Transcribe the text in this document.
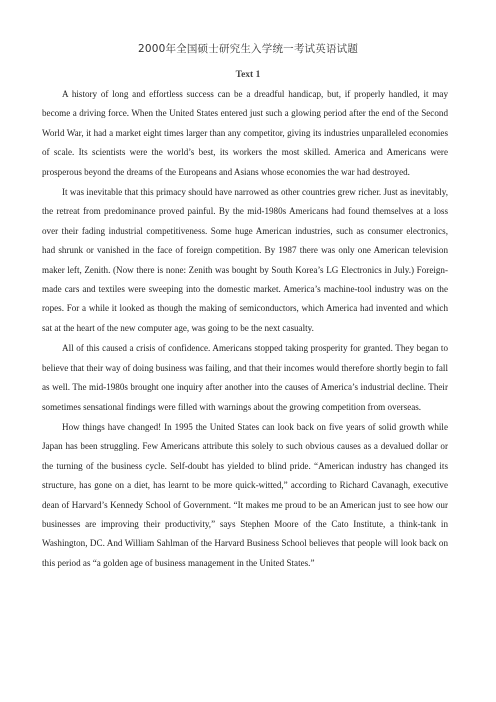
2000年全国硕士研究生入学统一考试英语试题
Text 1

A history of long and effortless success can be a dreadful handicap, but, if properly handled, it may become a driving force. When the United States entered just such a glowing period after the end of the Second World War, it had a market eight times larger than any competitor, giving its industries unparalleled economies of scale. Its scientists were the world’s best, its workers the most skilled. America and Americans were prosperous beyond the dreams of the Europeans and Asians whose economies the war had destroyed.

It was inevitable that this primacy should have narrowed as other countries grew richer. Just as inevitably, the retreat from predominance proved painful. By the mid-1980s Americans had found themselves at a loss over their fading industrial competitiveness. Some huge American industries, such as consumer electronics, had shrunk or vanished in the face of foreign competition. By 1987 there was only one American television maker left, Zenith. (Now there is none: Zenith was bought by South Korea’s LG Electronics in July.) Foreign-made cars and textiles were sweeping into the domestic market. America’s machine-tool industry was on the ropes. For a while it looked as though the making of semiconductors, which America had invented and which sat at the heart of the new computer age, was going to be the next casualty.

All of this caused a crisis of confidence. Americans stopped taking prosperity for granted. They began to believe that their way of doing business was failing, and that their incomes would therefore shortly begin to fall as well. The mid-1980s brought one inquiry after another into the causes of America’s industrial decline. Their sometimes sensational findings were filled with warnings about the growing competition from overseas.

How things have changed! In 1995 the United States can look back on five years of solid growth while Japan has been struggling. Few Americans attribute this solely to such obvious causes as a devalued dollar or the turning of the business cycle. Self-doubt has yielded to blind pride. “American industry has changed its structure, has gone on a diet, has learnt to be more quick-witted,” according to Richard Cavanagh, executive dean of Harvard’s Kennedy School of Government. “It makes me proud to be an American just to see how our businesses are improving their productivity,” says Stephen Moore of the Cato Institute, a think-tank in Washington, DC. And William Sahlman of the Harvard Business School believes that people will look back on this period as “a golden age of business management in the United States.”
